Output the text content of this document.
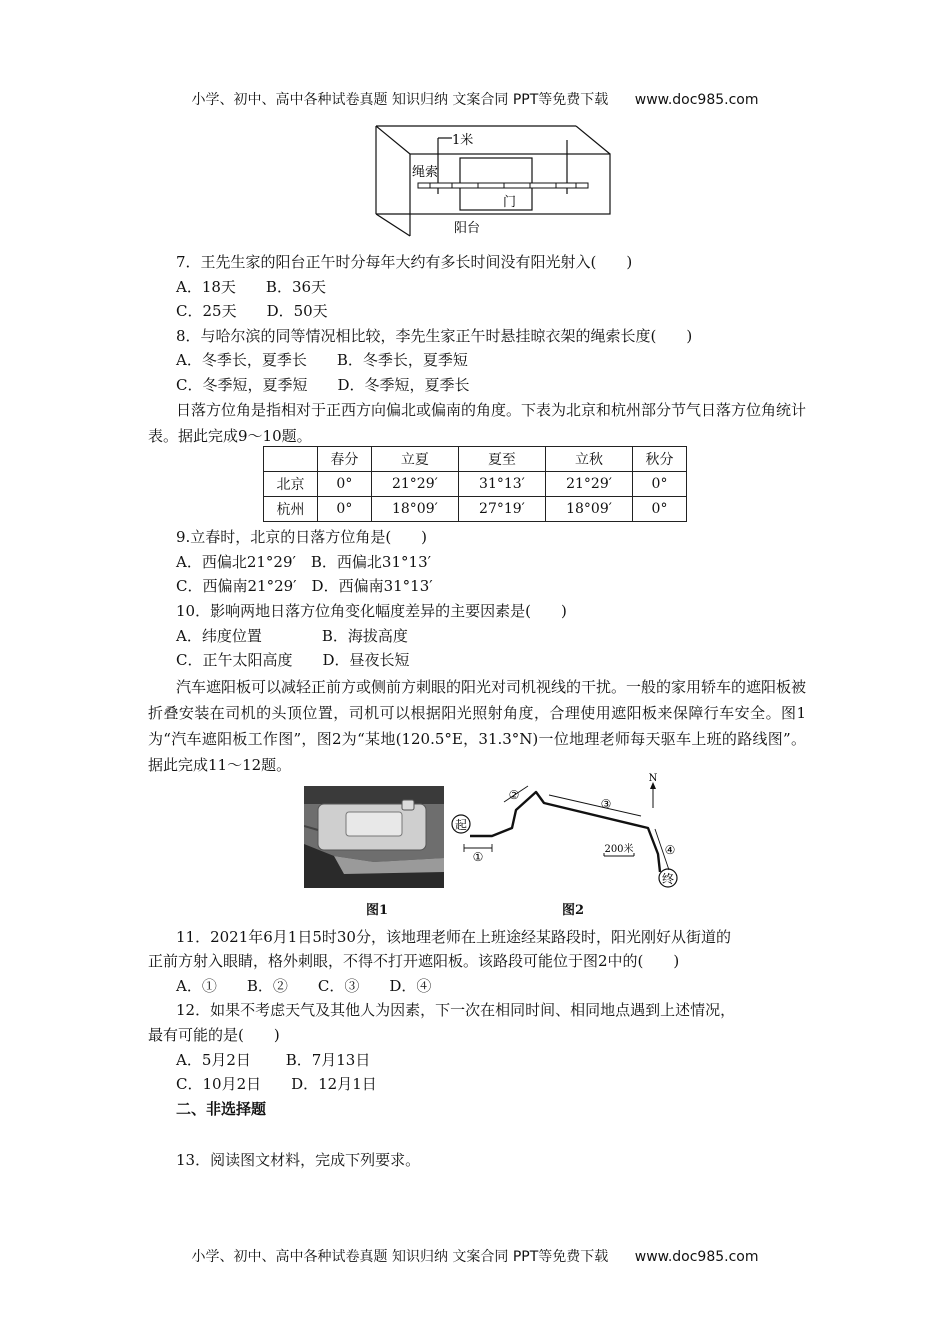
小学、初中、高中各种试卷真题 知识归纳 文案合同 PPT等免费下载 www.doc985.com
1米
绳索
门
阳台
7．王先生家的阳台正午时分每年大约有多长时间没有阳光射入(　　)
A．18天　　B．36天
C．25天　　D．50天
8．与哈尔滨的同等情况相比较，李先生家正午时悬挂晾衣架的绳索长度(　　)
A．冬季长，夏季长　　B．冬季长，夏季短
C．冬季短，夏季短　　D．冬季短，夏季长
日落方位角是指相对于正西方向偏北或偏南的角度。下表为北京和杭州部分节气日落方位角统计表。据此完成9～10题。
	春分	立夏	夏至	立秋	秋分
北京	0°	21°29′	31°13′	21°29′	0°
杭州	0°	18°09′	27°19′	18°09′	0°
9.立春时，北京的日落方位角是(　　)
A．西偏北21°29′　B．西偏北31°13′
C．西偏南21°29′　D．西偏南31°13′
10．影响两地日落方位角变化幅度差异的主要因素是(　　)
A．纬度位置　　　　B．海拔高度
C．正午太阳高度　　D．昼夜长短
汽车遮阳板可以减轻正前方或侧前方刺眼的阳光对司机视线的干扰。一般的家用轿车的遮阳板被折叠安装在司机的头顶位置，司机可以根据阳光照射角度，合理使用遮阳板来保障行车安全。图1为“汽车遮阳板工作图”，图2为“某地(120.5°E，31.3°N)一位地理老师每天驱车上班的路线图”。据此完成11～12题。
起
终
①
②
③
④
N
200米
图1	图2
11．2021年6月1日5时30分，该地理老师在上班途经某路段时，阳光刚好从街道的
正前方射入眼睛，格外刺眼，不得不打开遮阳板。该路段可能位于图2中的(　　)
A．①　　B．②　　C．③　　D．④
12．如果不考虑天气及其他人为因素，下一次在相同时间、相同地点遇到上述情况，
最有可能的是(　　)
A．5月2日　　 B．7月13日
C．10月2日　　D．12月1日
二、非选择题
13．阅读图文材料，完成下列要求。
小学、初中、高中各种试卷真题 知识归纳 文案合同 PPT等免费下载 www.doc985.com
